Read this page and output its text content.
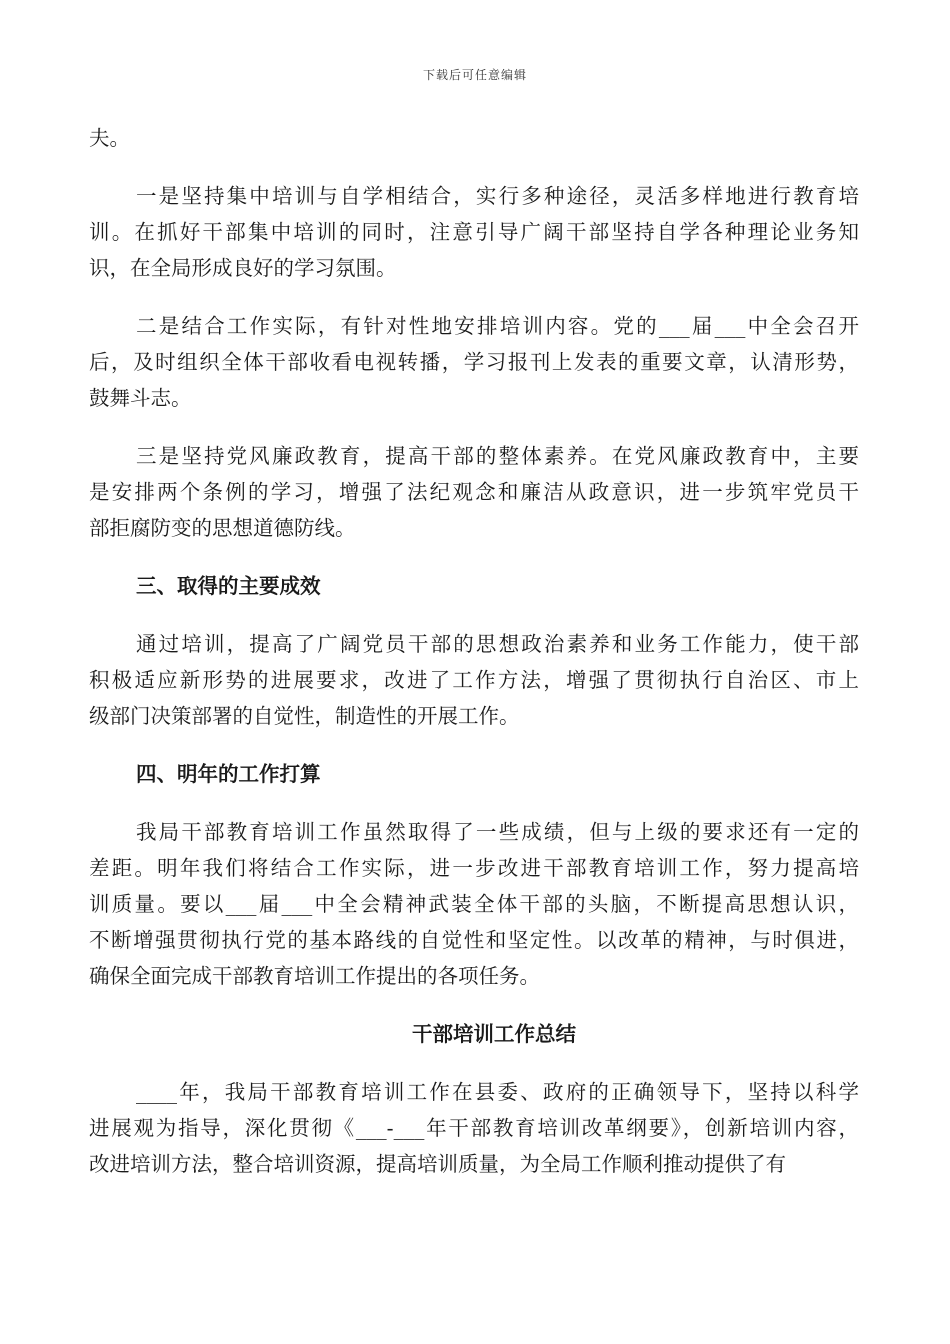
下载后可任意编辑
夫。
一是坚持集中培训与自学相结合，实行多种途径，灵活多样地进行教育培
训。在抓好干部集中培训的同时，注意引导广阔干部坚持自学各种理论业务知
识，在全局形成良好的学习氛围。
二是结合工作实际，有针对性地安排培训内容。党的___届___中全会召开
后，及时组织全体干部收看电视转播，学习报刊上发表的重要文章，认清形势，
鼓舞斗志。
三是坚持党风廉政教育，提高干部的整体素养。在党风廉政教育中，主要
是安排两个条例的学习，增强了法纪观念和廉洁从政意识，进一步筑牢党员干
部拒腐防变的思想道德防线。
三、取得的主要成效
通过培训，提高了广阔党员干部的思想政治素养和业务工作能力，使干部
积极适应新形势的进展要求，改进了工作方法，增强了贯彻执行自治区、市上
级部门决策部署的自觉性，制造性的开展工作。
四、明年的工作打算
我局干部教育培训工作虽然取得了一些成绩，但与上级的要求还有一定的
差距。明年我们将结合工作实际，进一步改进干部教育培训工作，努力提高培
训质量。要以___届___中全会精神武装全体干部的头脑，不断提高思想认识，
不断增强贯彻执行党的基本路线的自觉性和坚定性。以改革的精神，与时俱进，
确保全面完成干部教育培训工作提出的各项任务。
干部培训工作总结
____年，我局干部教育培训工作在县委、政府的正确领导下，坚持以科学
进展观为指导，深化贯彻《___-___年干部教育培训改革纲要》，创新培训内容，
改进培训方法，整合培训资源，提高培训质量，为全局工作顺利推动提供了有
